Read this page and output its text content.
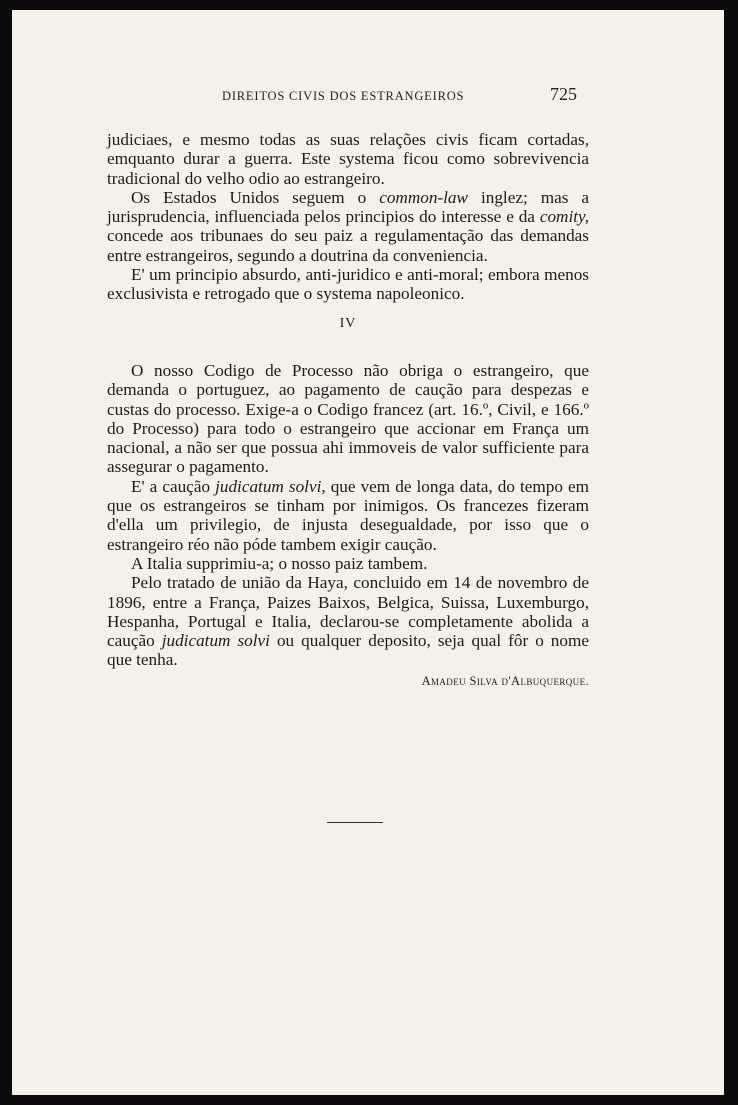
DIREITOS CIVIS DOS ESTRANGEIROS	725

judiciaes, e mesmo todas as suas relações civis ficam cortadas, emquanto durar a guerra. Este systema ficou como sobrevivencia tradicional do velho odio ao estrangeiro.

Os Estados Unidos seguem o common-law inglez; mas a jurisprudencia, influenciada pelos principios do interesse e da comity, concede aos tribunaes do seu paiz a regulamentação das demandas entre estrangeiros, segundo a doutrina da conveniencia.

E' um principio absurdo, anti-juridico e anti-moral; embora menos exclusivista e retrogado que o systema napoleonico.

IV

O nosso Codigo de Processo não obriga o estrangeiro, que demanda o portuguez, ao pagamento de caução para despezas e custas do processo. Exige-a o Codigo francez (art. 16.º, Civil, e 166.º do Processo) para todo o estrangeiro que accionar em França um nacional, a não ser que possua ahi immoveis de valor sufficiente para assegurar o pagamento.

E' a caução judicatum solvi, que vem de longa data, do tempo em que os estrangeiros se tinham por inimigos. Os francezes fizeram d'ella um privilegio, de injusta desegualdade, por isso que o estrangeiro réo não póde tambem exigir caução.

A Italia supprimiu-a; o nosso paiz tambem.

Pelo tratado de união da Haya, concluido em 14 de novembro de 1896, entre a França, Paizes Baixos, Belgica, Suissa, Luxemburgo, Hespanha, Portugal e Italia, declarou-se completamente abolida a caução judicatum solvi ou qualquer deposito, seja qual fôr o nome que tenha.

Amadeu Silva d'Albuquerque.
